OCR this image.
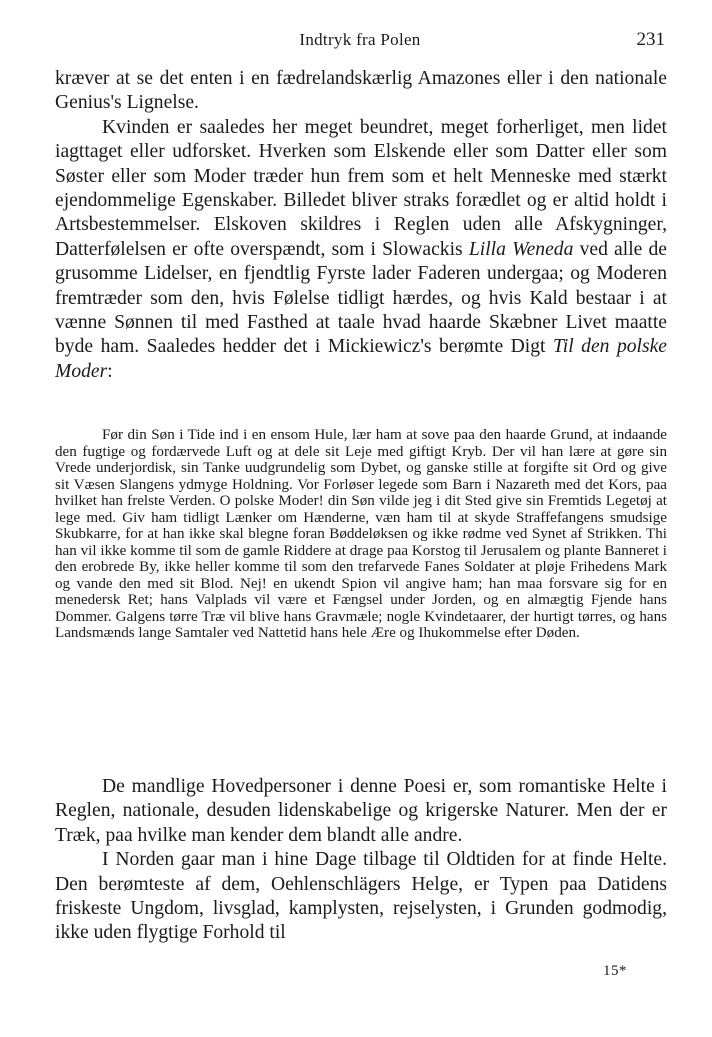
Indtryk fra Polen	231

kræver at se det enten i en fædrelandskærlig Amazones eller i den nationale Genius's Lignelse.

Kvinden er saaledes her meget beundret, meget forherliget, men lidet iagttaget eller udforsket. Hverken som Elskende eller som Datter eller som Søster eller som Moder træder hun frem som et helt Menneske med stærkt ejendommelige Egenskaber. Billedet bliver straks forædlet og er altid holdt i Artsbestemmelser. Elskoven skildres i Reglen uden alle Afskygninger, Datterfølelsen er ofte overspændt, som i Slowackis Lilla Weneda ved alle de grusomme Lidelser, en fjendtlig Fyrste lader Faderen undergaa; og Moderen fremtræder som den, hvis Følelse tidligt hærdes, og hvis Kald bestaar i at vænne Sønnen til med Fasthed at taale hvad haarde Skæbner Livet maatte byde ham. Saaledes hedder det i Mickiewicz's berømte Digt Til den polske Moder:

Før din Søn i Tide ind i en ensom Hule, lær ham at sove paa den haarde Grund, at indaande den fugtige og fordærvede Luft og at dele sit Leje med giftigt Kryb. Der vil han lære at gøre sin Vrede underjordisk, sin Tanke uudgrundelig som Dybet, og ganske stille at forgifte sit Ord og give sit Væsen Slangens ydmyge Holdning. Vor Forløser legede som Barn i Nazareth med det Kors, paa hvilket han frelste Verden. O polske Moder! din Søn vilde jeg i dit Sted give sin Fremtids Legetøj at lege med. Giv ham tidligt Lænker om Hænderne, væn ham til at skyde Straffefangens smudsige Skubkarre, for at han ikke skal blegne foran Bøddeløksen og ikke rødme ved Synet af Strikken. Thi han vil ikke komme til som de gamle Riddere at drage paa Korstog til Jerusalem og plante Banneret i den erobrede By, ikke heller komme til som den trefarvede Fanes Soldater at pløje Frihedens Mark og vande den med sit Blod. Nej! en ukendt Spion vil angive ham; han maa forsvare sig for en menedersk Ret; hans Valplads vil være et Fængsel under Jorden, og en almægtig Fjende hans Dommer. Galgens tørre Træ vil blive hans Gravmæle; nogle Kvindetaarer, der hurtigt tørres, og hans Landsmænds lange Samtaler ved Nattetid hans hele Ære og Ihukommelse efter Døden.

De mandlige Hovedpersoner i denne Poesi er, som romantiske Helte i Reglen, nationale, desuden lidenskabelige og krigerske Naturer. Men der er Træk, paa hvilke man kender dem blandt alle andre.

I Norden gaar man i hine Dage tilbage til Oldtiden for at finde Helte. Den berømteste af dem, Oehlenschlägers Helge, er Typen paa Datidens friskeste Ungdom, livsglad, kamplysten, rejselysten, i Grunden godmodig, ikke uden flygtige Forhold til

15*
